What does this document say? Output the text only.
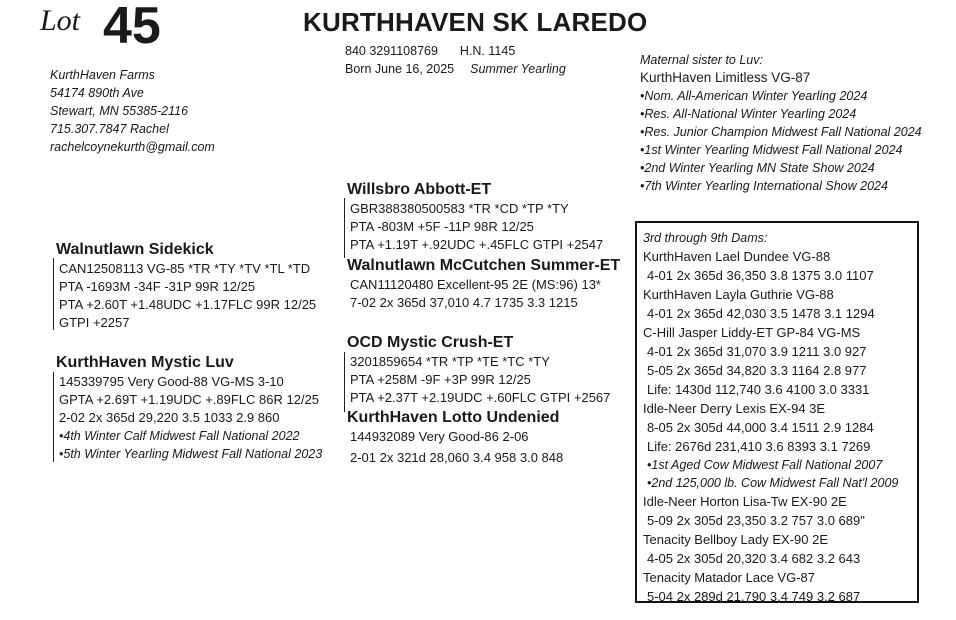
Lot 45	KURTHHAVEN SK LAREDO
840 3291108769 H.N. 1145
Born June 16, 2025 Summer Yearling
KurthHaven Farms
54174 890th Ave
Stewart, MN 55385-2116
715.307.7847 Rachel
rachelcoynekurth@gmail.com
Maternal sister to Luv:
KurthHaven Limitless VG-87
•Nom. All-American Winter Yearling 2024
•Res. All-National Winter Yearling 2024
•Res. Junior Champion Midwest Fall National 2024
•1st Winter Yearling Midwest Fall National 2024
•2nd Winter Yearling MN State Show 2024
•7th Winter Yearling International Show 2024
Walnutlawn Sidekick
CAN12508113 VG-85 *TR *TY *TV *TL *TD
PTA -1693M -34F -31P 99R 12/25
PTA +2.60T +1.48UDC +1.17FLC 99R 12/25
GTPI +2257
KurthHaven Mystic Luv
145339795 Very Good-88 VG-MS 3-10
GPTA +2.69T +1.19UDC +.89FLC 86R 12/25
2-02 2x 365d 29,220 3.5 1033 2.9 860
•4th Winter Calf Midwest Fall National 2022
•5th Winter Yearling Midwest Fall National 2023
Willsbro Abbott-ET
GBR388380500583 *TR *CD *TP *TY
PTA -803M +5F -11P 98R 12/25
PTA +1.19T +.92UDC +.45FLC GTPI +2547
Walnutlawn McCutchen Summer-ET
CAN11120480 Excellent-95 2E (MS:96) 13*
7-02 2x 365d 37,010 4.7 1735 3.3 1215
OCD Mystic Crush-ET
3201859654 *TR *TP *TE *TC *TY
PTA +258M -9F +3P 99R 12/25
PTA +2.37T +2.19UDC +.60FLC GTPI +2567
KurthHaven Lotto Undenied
144932089 Very Good-86 2-06
2-01 2x 321d 28,060 3.4 958 3.0 848
3rd through 9th Dams:
KurthHaven Lael Dundee VG-88
4-01 2x 365d 36,350 3.8 1375 3.0 1107
KurthHaven Layla Guthrie VG-88
4-01 2x 365d 42,030 3.5 1478 3.1 1294
C-Hill Jasper Liddy-ET GP-84 VG-MS
4-01 2x 365d 31,070 3.9 1211 3.0 927
5-05 2x 365d 34,820 3.3 1164 2.8 977
Life: 1430d 112,740 3.6 4100 3.0 3331
Idle-Neer Derry Lexis EX-94 3E
8-05 2x 305d 44,000 3.4 1511 2.9 1284
Life: 2676d 231,410 3.6 8393 3.1 7269
•1st Aged Cow Midwest Fall National 2007
•2nd 125,000 lb. Cow Midwest Fall Nat'l 2009
Idle-Neer Horton Lisa-Tw EX-90 2E
5-09 2x 305d 23,350 3.2 757 3.0 689"
Tenacity Bellboy Lady EX-90 2E
4-05 2x 305d 20,320 3.4 682 3.2 643
Tenacity Matador Lace VG-87
5-04 2x 289d 21,790 3.4 749 3.2 687
